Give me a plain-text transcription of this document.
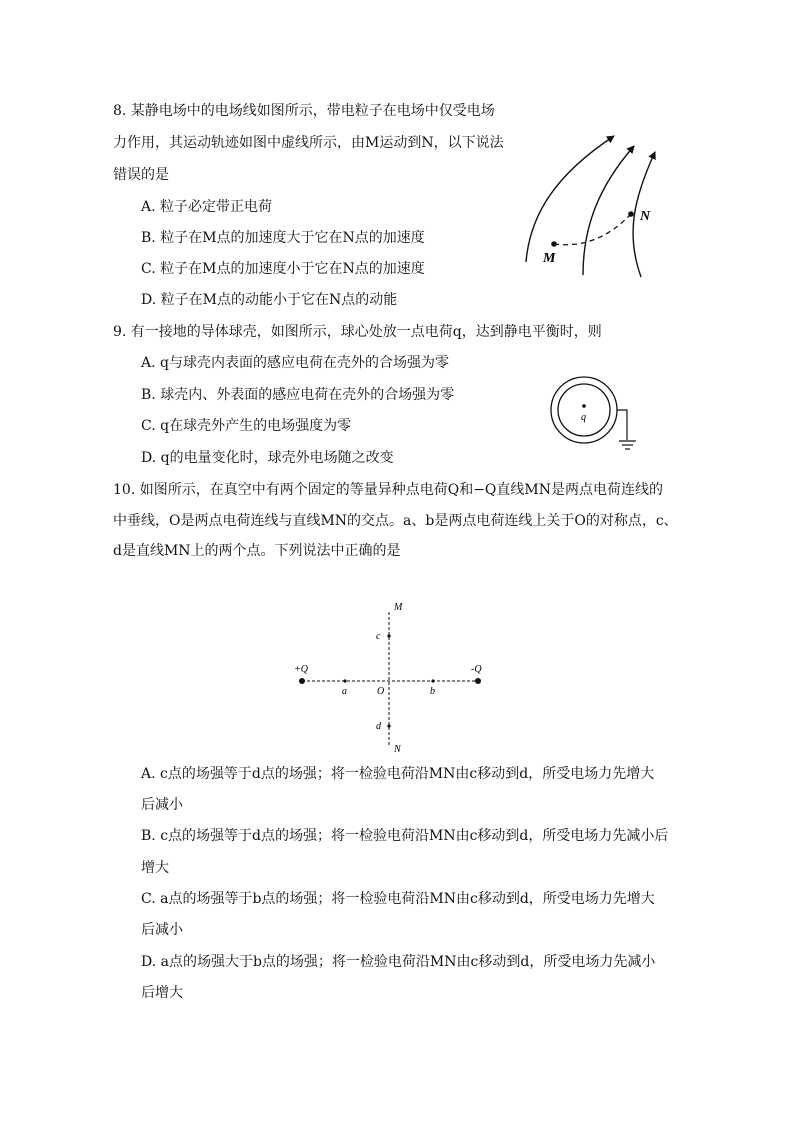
8. 某静电场中的电场线如图所示，带电粒子在电场中仅受电场
力作用，其运动轨迹如图中虚线所示，由M运动到N，以下说法
错误的是
A. 粒子必定带正电荷
B. 粒子在M点的加速度大于它在N点的加速度
C. 粒子在M点的加速度小于它在N点的加速度
D. 粒子在M点的动能小于它在N点的动能
M
N
9. 有一接地的导体球壳，如图所示，球心处放一点电荷q，达到静电平衡时，则
A. q与球壳内表面的感应电荷在壳外的合场强为零
B. 球壳内、外表面的感应电荷在壳外的合场强为零
C. q在球壳外产生的电场强度为零
D. q的电量变化时，球壳外电场随之改变
q
10. 如图所示，在真空中有两个固定的等量异种点电荷Q和−Q直线MN是两点电荷连线的
中垂线，O是两点电荷连线与直线MN的交点。a、b是两点电荷连线上关于O的对称点，c、
d是直线MN上的两个点。下列说法中正确的是
M
N
c
d
+Q	-Q
a	O	b
A. c点的场强等于d点的场强；将一检验电荷沿MN由c移动到d，所受电场力先增大
后减小
B. c点的场强等于d点的场强；将一检验电荷沿MN由c移动到d，所受电场力先减小后
增大
C. a点的场强等于b点的场强；将一检验电荷沿MN由c移动到d，所受电场力先增大
后减小
D. a点的场强大于b点的场强；将一检验电荷沿MN由c移动到d，所受电场力先减小
后增大
